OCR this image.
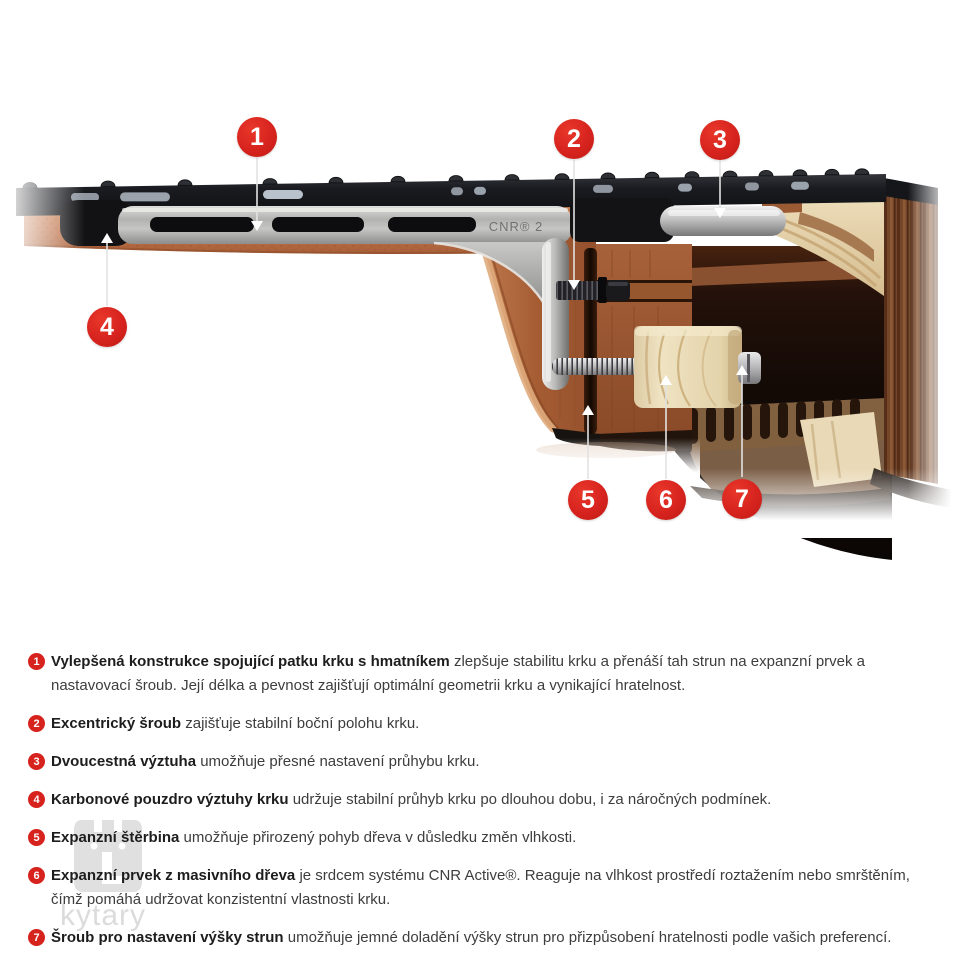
CNR® 2
1	2	3
4
5	6 7
kytary
1 Vylepšená konstrukce spojující patku krku s hmatníkem zlepšuje stabilitu krku a přenáší tah strun na expanzní prvek a nastavovací šroub. Její délka a pevnost zajišťují optimální geometrii krku a vynikající hratelnost.

2 Excentrický šroub zajišťuje stabilní boční polohu krku.

3 Dvoucestná výztuha umožňuje přesné nastavení průhybu krku.

4 Karbonové pouzdro výztuhy krku udržuje stabilní průhyb krku po dlouhou dobu, i za náročných podmínek.

5 Expanzní štěrbina umožňuje přirozený pohyb dřeva v důsledku změn vlhkosti.

6 Expanzní prvek z masivního dřeva je srdcem systému CNR Active®. Reaguje na vlhkost prostředí roztažením nebo smrštěním, čímž pomáhá udržovat konzistentní vlastnosti krku.

7 Šroub pro nastavení výšky strun umožňuje jemné doladění výšky strun pro přizpůsobení hratelnosti podle vašich preferencí.
